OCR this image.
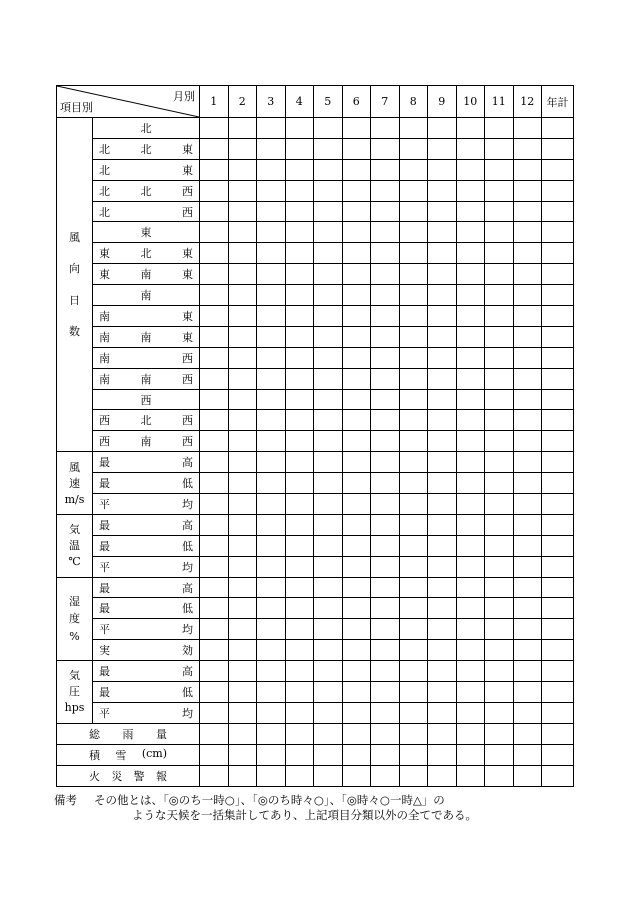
月別
項目別		1	2	3	4	5	6	7	8	9	10	11	12	年計

風
向
日
数	北													

	北 北 東													

	北 東													

	北 北 西													

	北 西													

	東													

	東 北 東													

	東 南 東													

	南													

	南 東													

	南 南 東													

	南 西													

	南 南 西													

	西													

	西 北 西													

	西 南 西													

風
速
m/s	最 高													

	最 低													

	平 均													

気
温
℃	最 高													

	最 低													

	平 均													

湿
度
%	最 高													

	最 低													

	平 均													

	実 効													

気
圧
hps	最 高													

	最 低													

	平 均													

総 雨 量														

積 雪 (cm)														

火 災 警 報														

備考 その他とは、「◎のち一時○」、「◎のち時々○」、「◎時々○一時△」の
ような天候を一括集計してあり、上記項目分類以外の全てである。
